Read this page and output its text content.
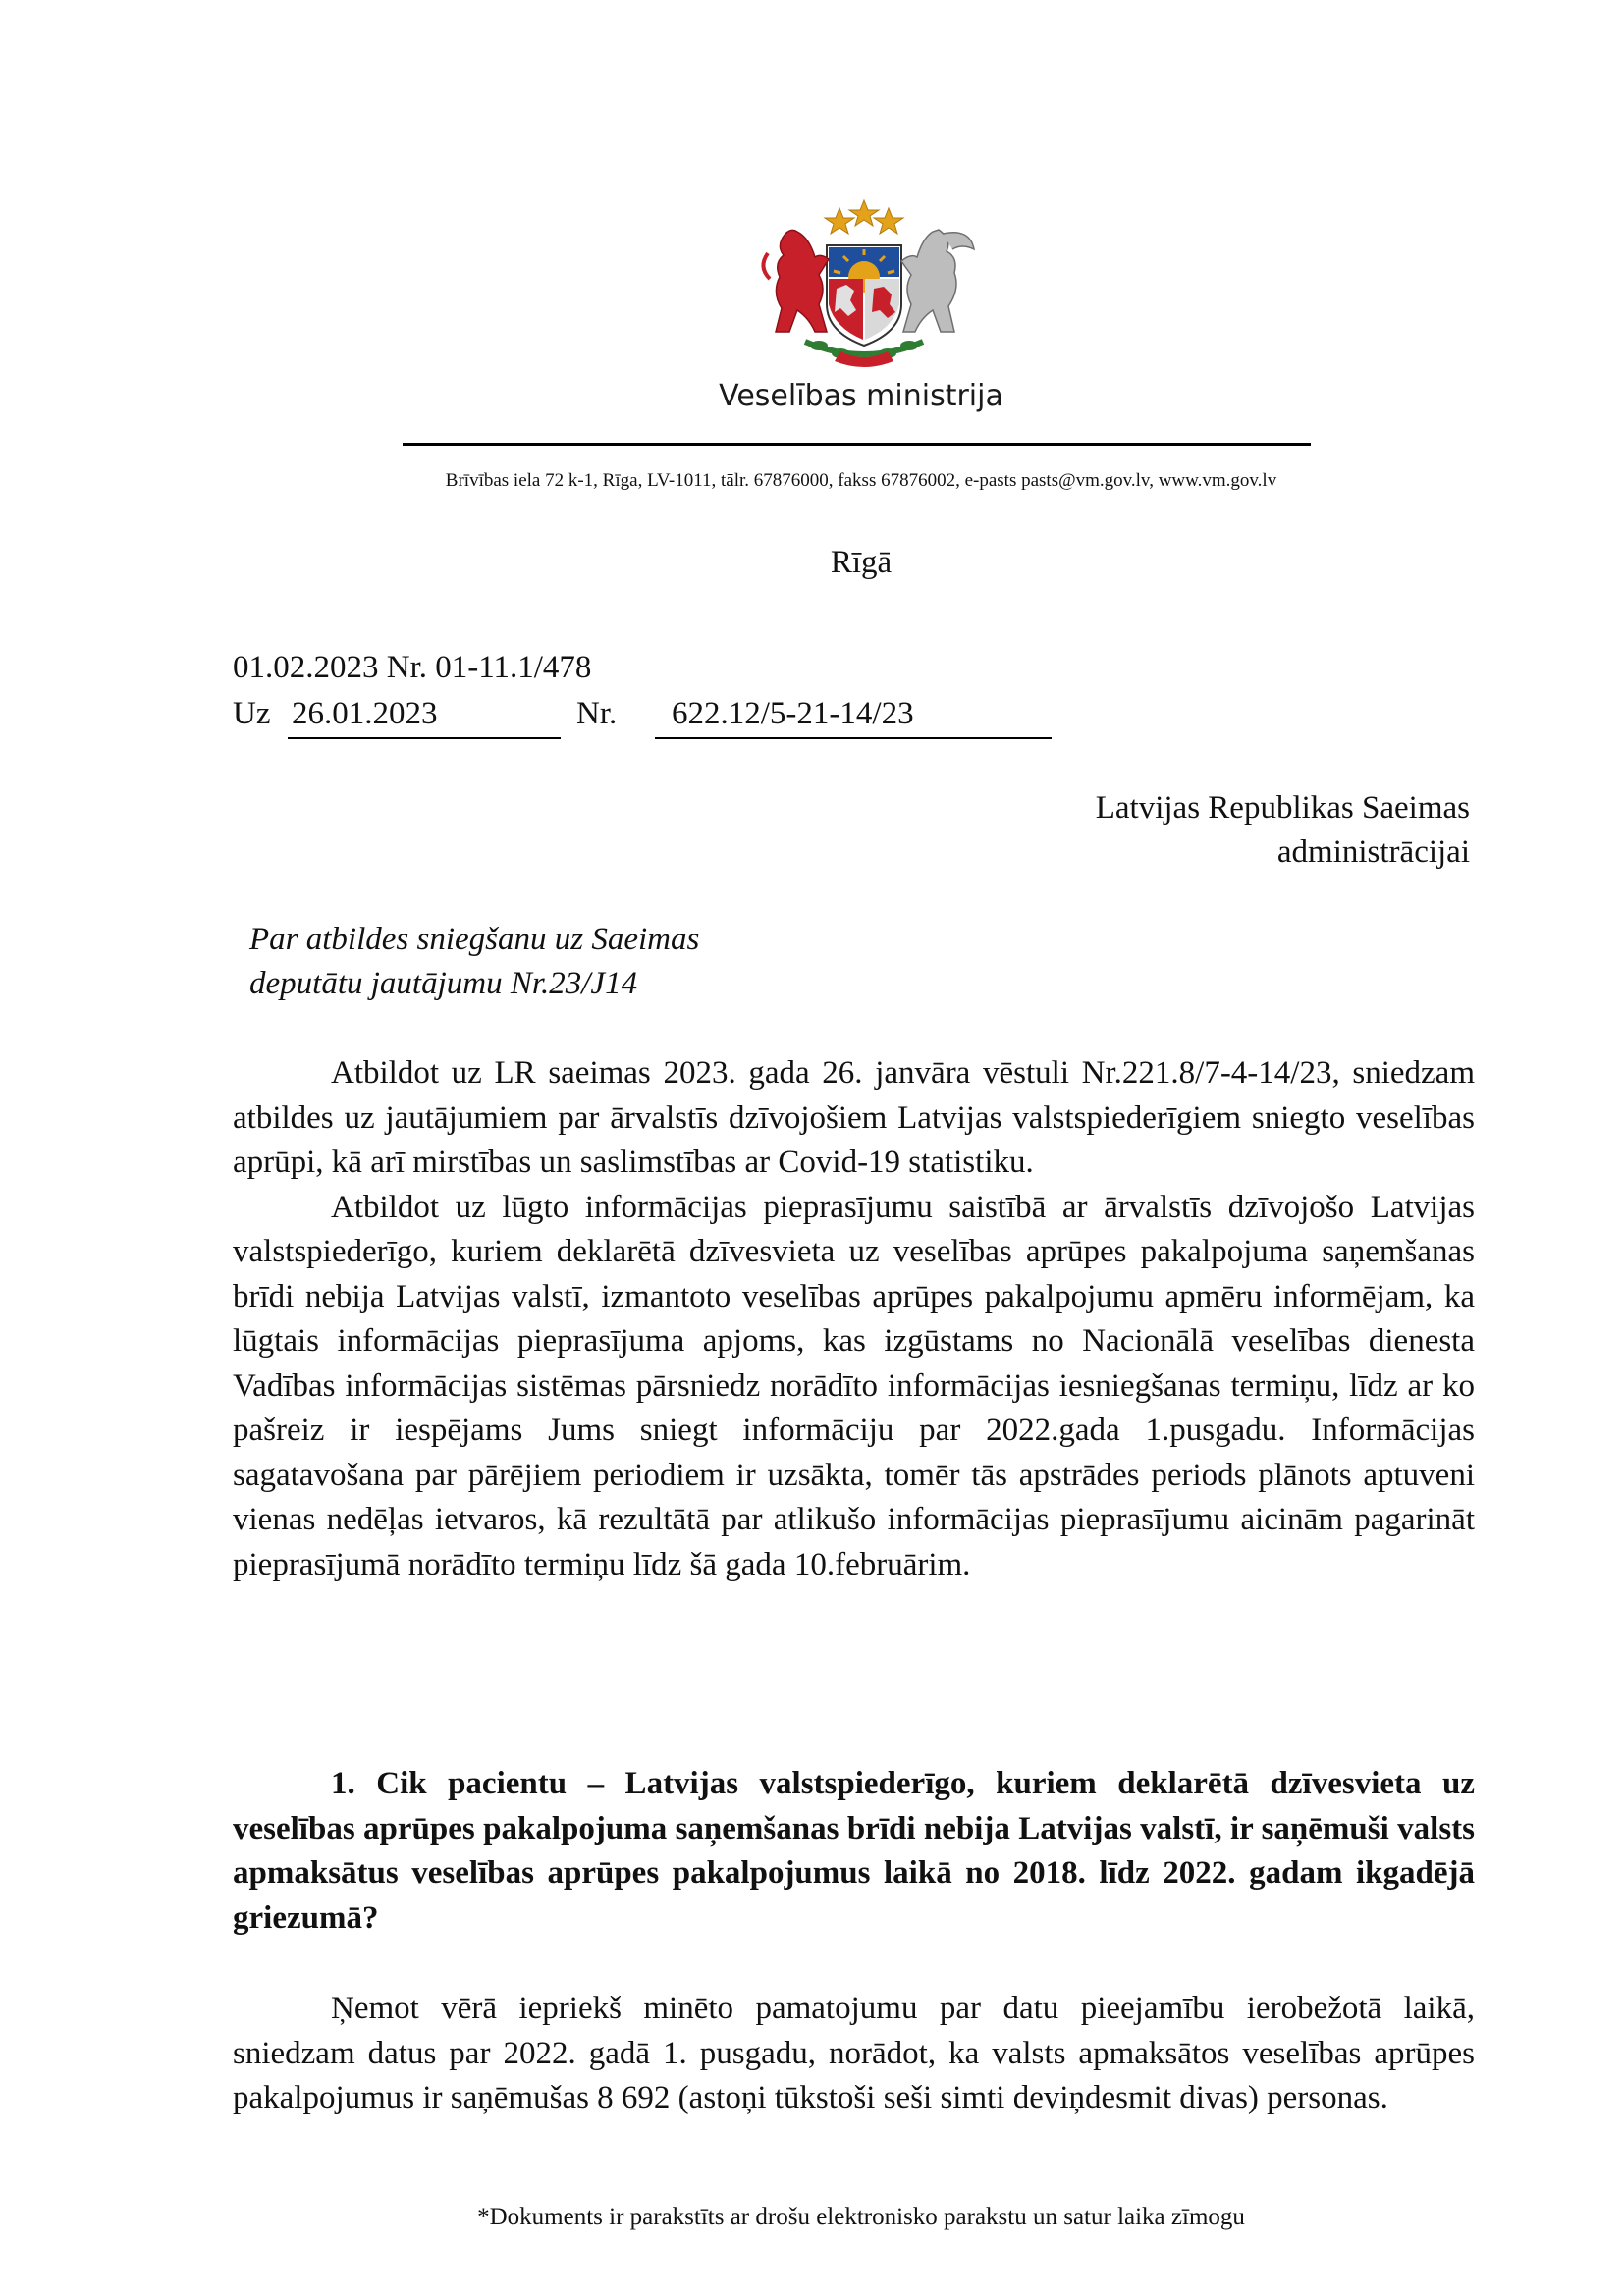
Veselības ministrija
Brīvības iela 72 k-1, Rīga, LV-1011, tālr. 67876000, fakss 67876002, e-pasts pasts@vm.gov.lv, www.vm.gov.lv
Rīgā
01.02.2023 Nr. 01-11.1/478
Uz 26.01.2023	Nr. 622.12/5-21-14/23
Latvijas Republikas Saeimas
administrācijai
Par atbildes sniegšanu uz Saeimas
deputātu jautājumu Nr.23/J14

Atbildot uz LR saeimas 2023. gada 26. janvāra vēstuli Nr.221.8/7-4-14/23, sniedzam atbildes uz jautājumiem par ārvalstīs dzīvojošiem Latvijas valstspiederīgiem sniegto veselības aprūpi, kā arī mirstības un saslimstības ar Covid-19 statistiku.

Atbildot uz lūgto informācijas pieprasījumu saistībā ar ārvalstīs dzīvojošo Latvijas valstspiederīgo, kuriem deklarētā dzīvesvieta uz veselības aprūpes pakalpojuma saņemšanas brīdi nebija Latvijas valstī, izmantoto veselības aprūpes pakalpojumu apmēru informējam, ka lūgtais informācijas pieprasījuma apjoms, kas izgūstams no Nacionālā veselības dienesta Vadības informācijas sistēmas pārsniedz norādīto informācijas iesniegšanas termiņu, līdz ar ko pašreiz ir iespējams Jums sniegt informāciju par 2022.gada 1.pusgadu. Informācijas sagatavošana par pārējiem periodiem ir uzsākta, tomēr tās apstrādes periods plānots aptuveni vienas nedēļas ietvaros, kā rezultātā par atlikušo informācijas pieprasījumu aicinām pagarināt pieprasījumā norādīto termiņu līdz šā gada 10.februārim.

1. Cik pacientu – Latvijas valstspiederīgo, kuriem deklarētā dzīvesvieta uz veselības aprūpes pakalpojuma saņemšanas brīdi nebija Latvijas valstī, ir saņēmuši valsts apmaksātus veselības aprūpes pakalpojumus laikā no 2018. līdz 2022. gadam ikgadējā griezumā?

Ņemot vērā iepriekš minēto pamatojumu par datu pieejamību ierobežotā laikā, sniedzam datus par 2022. gadā 1. pusgadu, norādot, ka valsts apmaksātos veselības aprūpes pakalpojumus ir saņēmušas 8 692 (astoņi tūkstoši seši simti deviņdesmit divas) personas.

*Dokuments ir parakstīts ar drošu elektronisko parakstu un satur laika zīmogu
